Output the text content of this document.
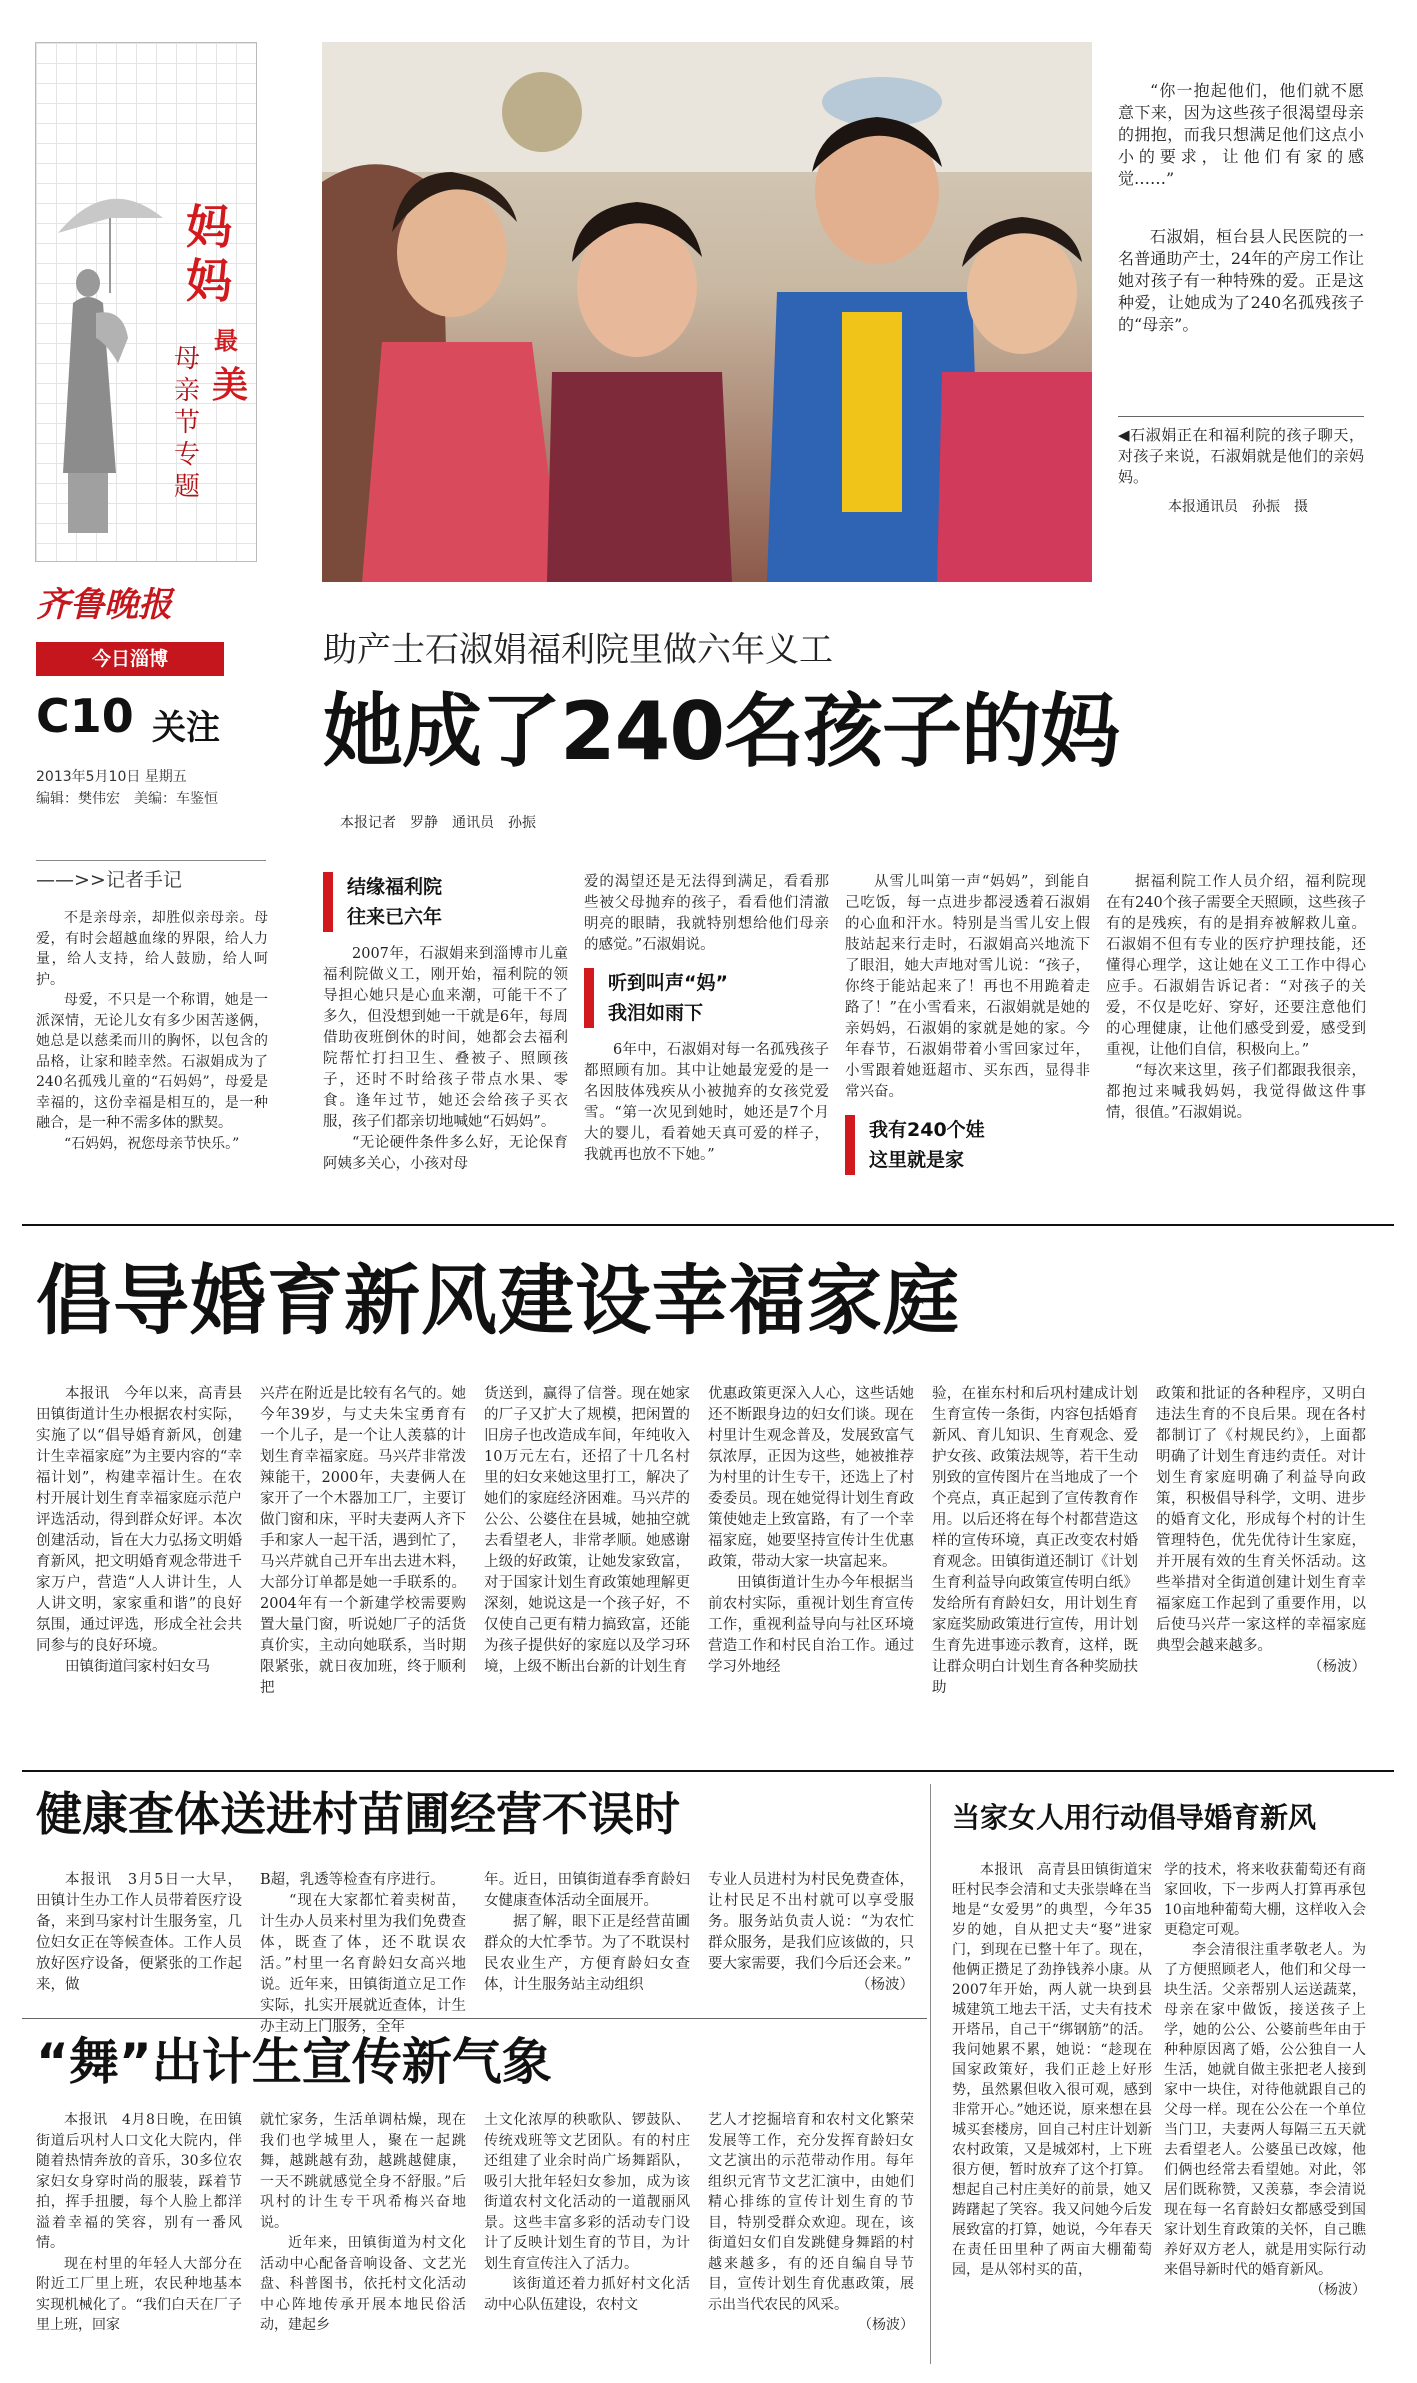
妈
妈
最
美
母亲节专题
齐鲁晚报
今日淄博
C10 关注
2013年5月10日 星期五
编辑：樊伟宏　美编：车鉴恒
——>>记者手记

不是亲母亲，却胜似亲母亲。母爱，有时会超越血缘的界限，给人力量，给人支持，给人鼓励，给人呵护。

母爱，不只是一个称谓，她是一派深情，无论儿女有多少困苦遂俩，她总是以慈柔而川的胸怀，以包含的品格，让家和睦幸然。石淑娟成为了240名孤残儿童的“石妈妈”，母爱是幸福的，这份幸福是相互的，是一种融合，是一种不需多体的默契。

“石妈妈，祝您母亲节快乐。”

“你一抱起他们，他们就不愿意下来，因为这些孩子很渴望母亲的拥抱，而我只想满足他们这点小小的要求，让他们有家的感觉……”
石淑娟，桓台县人民医院的一名普通助产士，24年的产房工作让她对孩子有一种特殊的爱。正是这种爱，让她成为了240名孤残孩子的“母亲”。
◀石淑娟正在和福利院的孩子聊天，对孩子来说，石淑娟就是他们的亲妈妈。
本报通讯员　孙振　摄
助产士石淑娟福利院里做六年义工
她成了240名孩子的妈
本报记者　罗静　通讯员　孙振
结缘福利院
往来已六年

2007年，石淑娟来到淄博市儿童福利院做义工，刚开始，福利院的领导担心她只是心血来潮，可能干不了多久，但没想到她一干就是6年，每周借助夜班倒休的时间，她都会去福利院帮忙打扫卫生、叠被子、照顾孩子，还时不时给孩子带点水果、零食。逢年过节，她还会给孩子买衣服，孩子们都亲切地喊她“石妈妈”。

“无论硬件条件多么好，无论保育阿姨多关心，小孩对母

爱的渴望还是无法得到满足，看看那些被父母抛弃的孩子，看看他们清澈明亮的眼睛，我就特别想给他们母亲的感觉。”石淑娟说。

听到叫声“妈”
我泪如雨下

6年中，石淑娟对每一名孤残孩子都照顾有加。其中让她最宠爱的是一名因肢体残疾从小被抛弃的女孩党爱雪。“第一次见到她时，她还是7个月大的婴儿，看着她天真可爱的样子，我就再也放不下她。”

从雪儿叫第一声“妈妈”，到能自己吃饭，每一点进步都浸透着石淑娟的心血和汗水。特别是当雪儿安上假肢站起来行走时，石淑娟高兴地流下了眼泪，她大声地对雪儿说：“孩子，你终于能站起来了！再也不用跪着走路了！”在小雪看来，石淑娟就是她的亲妈妈，石淑娟的家就是她的家。今年春节，石淑娟带着小雪回家过年，小雪跟着她逛超市、买东西，显得非常兴奋。

我有240个娃
这里就是家

据福利院工作人员介绍，福利院现在有240个孩子需要全天照顾，这些孩子有的是残疾，有的是捐弃被解救儿童。石淑娟不但有专业的医疗护理技能，还懂得心理学，这让她在义工工作中得心应手。石淑娟告诉记者：“对孩子的关爱，不仅是吃好、穿好，还要注意他们的心理健康，让他们感受到爱，感受到重视，让他们自信，积极向上。”

“每次来这里，孩子们都跟我很亲，都抱过来喊我妈妈，我觉得做这件事情，很值。”石淑娟说。

倡导婚育新风建设幸福家庭

本报讯　今年以来，高青县田镇街道计生办根据农村实际，实施了以“倡导婚育新风，创建计生幸福家庭”为主要内容的“幸福计划”，构建幸福计生。在农村开展计划生育幸福家庭示范户评选活动，得到群众好评。本次创建活动，旨在大力弘扬文明婚育新风，把文明婚育观念带进千家万户，营造“人人讲计生，人人讲文明，家家重和谐”的良好氛围，通过评选，形成全社会共同参与的良好环境。

田镇街道闫家村妇女马

兴芹在附近是比较有名气的。她今年39岁，与丈夫朱宝勇育有一个儿子，是一个让人羡慕的计划生育幸福家庭。马兴芹非常泼辣能干，2000年，夫妻俩人在家开了一个木器加工厂，主要订做门窗和床，平时夫妻两人齐下手和家人一起干活，遇到忙了，马兴芹就自己开车出去进木料，大部分订单都是她一手联系的。2004年有一个新建学校需要购置大量门窗，听说她厂子的活货真价实，主动向她联系，当时期限紧张，就日夜加班，终于顺利把
货送到，赢得了信誉。现在她家的厂子又扩大了规模，把闲置的旧房子也改造成车间，年纯收入10万元左右，还招了十几名村里的妇女来她这里打工，解决了她们的家庭经济困难。马兴芹的公公、公婆住在县城，她抽空就去看望老人，非常孝顺。她感谢上级的好政策，让她发家致富，对于国家计划生育政策她理解更深刻，她说这是一个孩子好，不仅使自己更有精力搞致富，还能为孩子提供好的家庭以及学习环境，上级不断出台新的计划生育

优惠政策更深入人心，这些话她还不断跟身边的妇女们谈。现在村里计生观念普及，发展致富气氛浓厚，正因为这些，她被推荐为村里的计生专干，还选上了村委委员。现在她觉得计划生育政策使她走上致富路，有了一个幸福家庭，她要坚持宣传计生优惠政策，带动大家一块富起来。

田镇街道计生办今年根据当前农村实际，重视计划生育宣传工作，重视利益导向与社区环境营造工作和村民自治工作。通过学习外地经

验，在崔东村和后巩村建成计划生育宣传一条街，内容包括婚育新风、育儿知识、生育观念、爱护女孩、政策法规等，若干生动别致的宣传图片在当地成了一个个亮点，真正起到了宣传教育作用。以后还将在每个村都营造这样的宣传环境，真正改变农村婚育观念。田镇街道还制订《计划生育利益导向政策宣传明白纸》发给所有育龄妇女，用计划生育家庭奖励政策进行宣传，用计划生育先进事迹示教育，这样，既让群众明白计划生育各种奖励扶助

政策和批证的各种程序，又明白违法生育的不良后果。现在各村都制订了《村规民约》，上面都明确了计划生育违约责任。对计划生育家庭明确了利益导向政策，积极倡导科学，文明、进步的婚育文化，形成每个村的计生管理特色，优先优待计生家庭，并开展有效的生育关怀活动。这些举措对全街道创建计划生育幸福家庭工作起到了重要作用，以后使马兴芹一家这样的幸福家庭典型会越来越多。

（杨波）

健康查体送进村苗圃经营不误时
本报讯　3月5日一大早，田镇计生办工作人员带着医疗设备，来到马家村计生服务室，几位妇女正在等候查体。工作人员放好医疗设备，便紧张的工作起来，做

B超，乳透等检查有序进行。

“现在大家都忙着卖树苗，计生办人员来村里为我们免费查体，既查了体，还不耽误农活。”村里一名育龄妇女高兴地说。近年来，田镇街道立足工作实际，扎实开展就近查体，计生办主动上门服务，全年

年。近日，田镇街道春季育龄妇女健康查体活动全面展开。

据了解，眼下正是经营苗圃群众的大忙季节。为了不耽误村民农业生产，方便育龄妇女查体，计生服务站主动组织

专业人员进村为村民免费查体，让村民足不出村就可以享受服务。服务站负责人说：“为农忙群众服务，是我们应该做的，只要大家需要，我们今后还会来。”

（杨波）

当家女人用行动倡导婚育新风
本报讯　高青县田镇街道宋旺村民李会清和丈夫张崇峰在当地是“女爱男”的典型，今年35岁的她，自从把丈夫“娶”进家门，到现在已整十年了。现在，他俩正攒足了劲挣钱养小康。从2007年开始，两人就一块到县城建筑工地去干活，丈夫有技术开塔吊，自己干“绑钢筋”的活。我问她累不累，她说：“趁现在国家政策好，我们正趁上好形势，虽然累但收入很可观，感到非常开心。”她还说，原来想在县城买套楼房，回自己村庄计划新农村政策，又是城郊村，上下班很方便，暂时放弃了这个打算。想起自己村庄美好的前景，她又踌躇起了笑容。我又问她今后发展致富的打算，她说，今年春天在责任田里种了两亩大棚葡萄园，是从邻村买的苗，

学的技术，将来收获葡萄还有商家回收，下一步两人打算再承包10亩地种葡萄大棚，这样收入会更稳定可观。

李会清很注重孝敬老人。为了方便照顾老人，他们和父母一块生活。父亲帮别人运送蔬菜，母亲在家中做饭，接送孩子上学，她的公公、公婆前些年由于种种原因离了婚，公公独自一人生活，她就自做主张把老人接到家中一块住，对待他就跟自己的父母一样。现在公公在一个单位当门卫，夫妻两人每隔三五天就去看望老人。公婆虽已改嫁，他们俩也经常去看望她。对此，邻居们既称赞，又羡慕，李会清说现在每一名育龄妇女都感受到国家计划生育政策的关怀，自己瞧养好双方老人，就是用实际行动来倡导新时代的婚育新风。

（杨波）

“舞”出计生宣传新气象

本报讯　4月8日晚，在田镇街道后巩村人口文化大院内，伴随着热情奔放的音乐，30多位农家妇女身穿时尚的服装，踩着节拍，挥手扭腰，每个人脸上都洋溢着幸福的笑容，别有一番风情。

现在村里的年轻人大部分在附近工厂里上班，农民种地基本实现机械化了。“我们白天在厂子里上班，回家

就忙家务，生活单调枯燥，现在我们也学城里人，聚在一起跳舞，越跳越有劲，越跳越健康，一天不跳就感觉全身不舒服。”后巩村的计生专干巩希梅兴奋地说。

近年来，田镇街道为村文化活动中心配备音响设备、文艺光盘、科普图书，依托村文化活动中心阵地传承开展本地民俗活动，建起乡

土文化浓厚的秧歌队、锣鼓队、传统戏班等文艺团队。有的村庄还组建了业余时尚广场舞蹈队，吸引大批年轻妇女参加，成为该街道农村文化活动的一道靓丽风景。这些丰富多彩的活动专门设计了反映计划生育的节目，为计划生育宣传注入了活力。

该街道还着力抓好村文化活动中心队伍建设，农村文

艺人才挖掘培育和农村文化繁荣发展等工作，充分发挥育龄妇女文艺演出的示范带动作用。每年组织元宵节文艺汇演中，由她们精心排练的宣传计划生育的节目，特别受群众欢迎。现在，该街道妇女们自发跳健身舞蹈的村越来越多，有的还自编自导节目，宣传计划生育优惠政策，展示出当代农民的风采。

（杨波）
